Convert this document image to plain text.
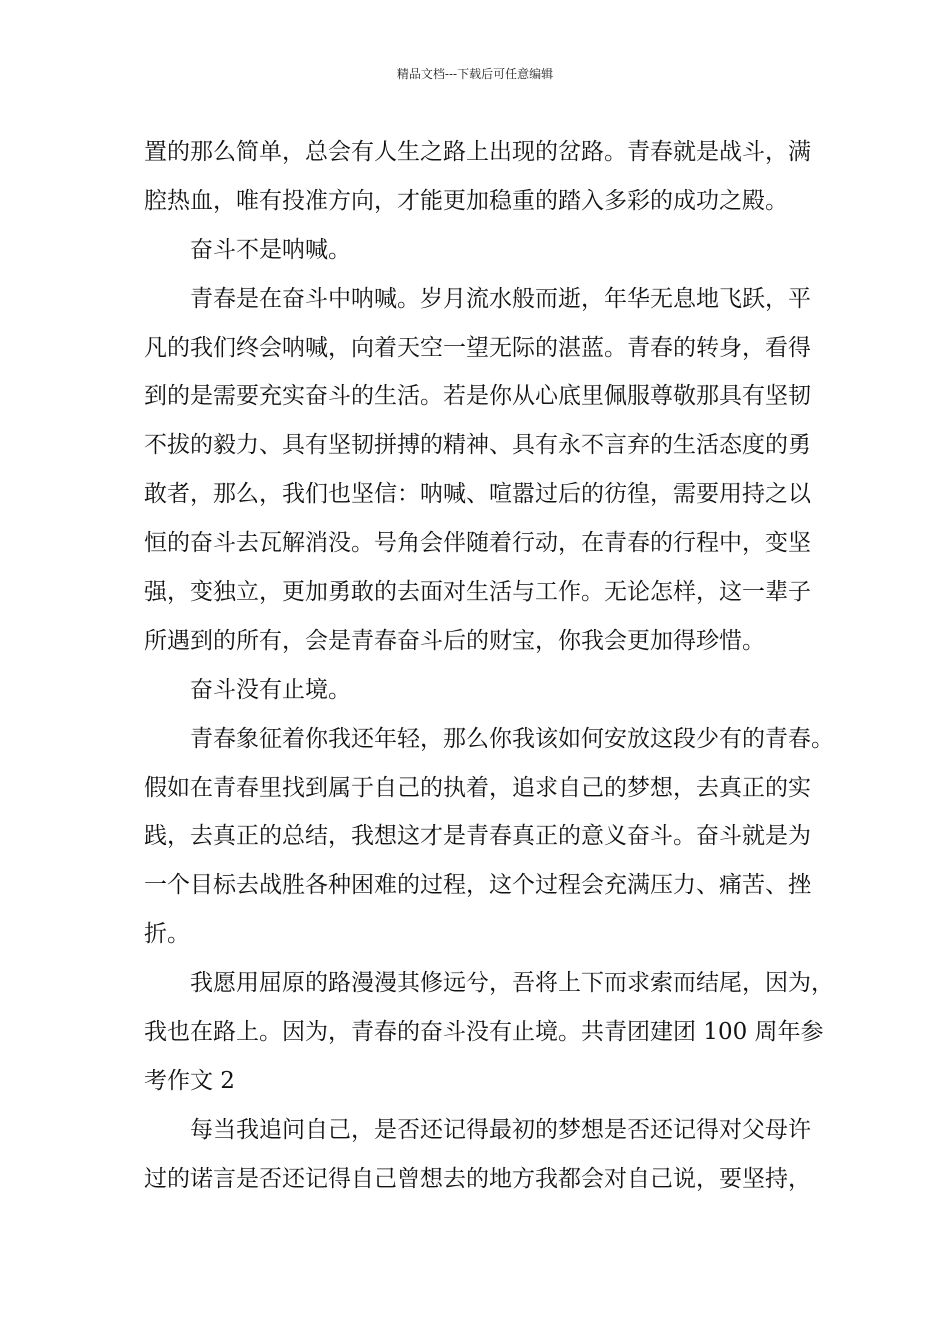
精品文档---下载后可任意编辑
置的那么简单，总会有人生之路上出现的岔路。青春就是战斗，满
腔热血，唯有投准方向，才能更加稳重的踏入多彩的成功之殿。
奋斗不是呐喊。
青春是在奋斗中呐喊。岁月流水般而逝，年华无息地飞跃，平
凡的我们终会呐喊，向着天空一望无际的湛蓝。青春的转身，看得
到的是需要充实奋斗的生活。若是你从心底里佩服尊敬那具有坚韧
不拔的毅力、具有坚韧拼搏的精神、具有永不言弃的生活态度的勇
敢者，那么，我们也坚信：呐喊、喧嚣过后的彷徨，需要用持之以
恒的奋斗去瓦解消没。号角会伴随着行动，在青春的行程中，变坚
强，变独立，更加勇敢的去面对生活与工作。无论怎样，这一辈子
所遇到的所有，会是青春奋斗后的财宝，你我会更加得珍惜。
奋斗没有止境。
青春象征着你我还年轻，那么你我该如何安放这段少有的青春。
假如在青春里找到属于自己的执着，追求自己的梦想，去真正的实
践，去真正的总结，我想这才是青春真正的意义奋斗。奋斗就是为
一个目标去战胜各种困难的过程，这个过程会充满压力、痛苦、挫
折。
我愿用屈原的路漫漫其修远兮，吾将上下而求索而结尾，因为，
我也在路上。因为，青春的奋斗没有止境。共青团建团 100 周年参
考作文 2
每当我追问自己，是否还记得最初的梦想是否还记得对父母许
过的诺言是否还记得自己曾想去的地方我都会对自己说，要坚持，
